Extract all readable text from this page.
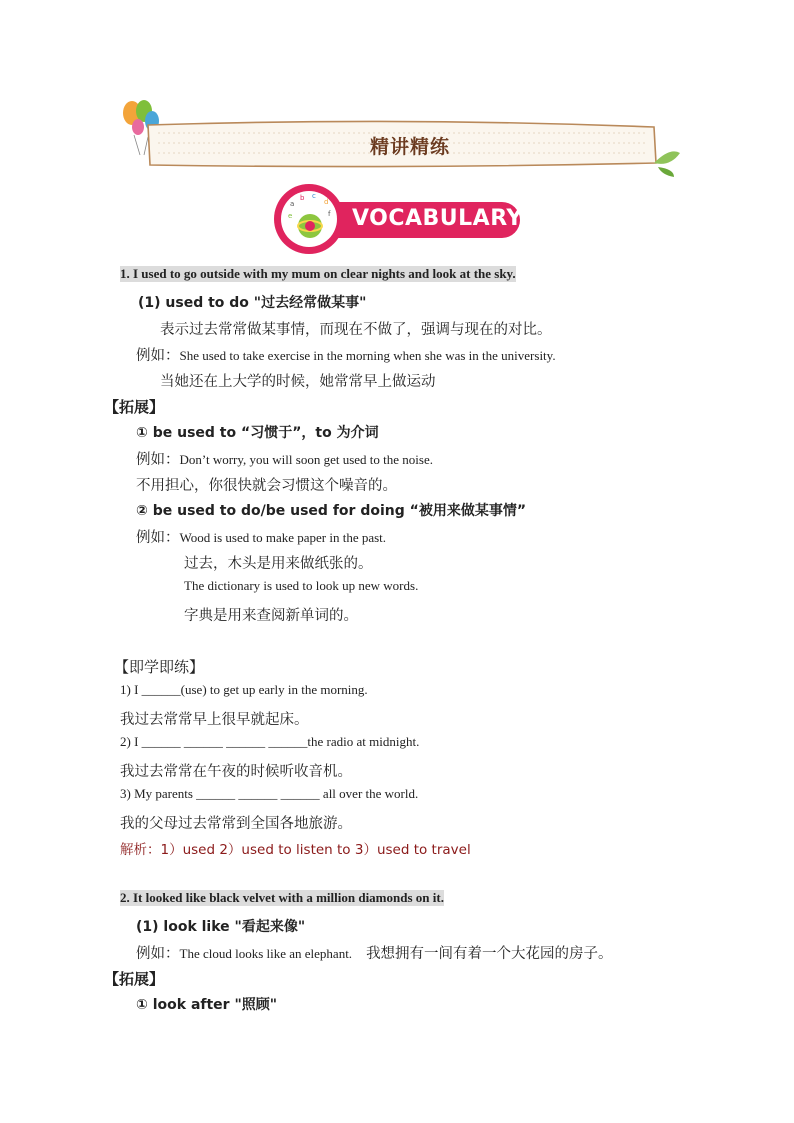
精讲精练
a
b c
d
e	f VOCABULARY
1. I used to go outside with my mum on clear nights and look at the sky.
(1) used to do "过去经常做某事"
表示过去常常做某事情，而现在不做了，强调与现在的对比。
例如：She used to take exercise in the morning when she was in the university.
当她还在上大学的时候，她常常早上做运动
【拓展】
① be used to “习惯于”，to 为介词
例如：Don’t worry, you will soon get used to the noise.
不用担心，你很快就会习惯这个噪音的。
② be used to do/be used for doing “被用来做某事情”
例如：Wood is used to make paper in the past.
过去，木头是用来做纸张的。
The dictionary is used to look up new words.
字典是用来查阅新单词的。
【即学即练】
1) I ______(use) to get up early in the morning.
我过去常常早上很早就起床。
2) I ______ ______ ______ ______the radio at midnight.
我过去常常在午夜的时候听收音机。
3) My parents ______ ______ ______ all over the world.
我的父母过去常常到全国各地旅游。
解析：1）used 2）used to listen to 3）used to travel
2. It looked like black velvet with a million diamonds on it.
(1) look like "看起来像"
例如：The cloud looks like an elephant. 我想拥有一间有着一个大花园的房子。
【拓展】
① look after "照顾"
